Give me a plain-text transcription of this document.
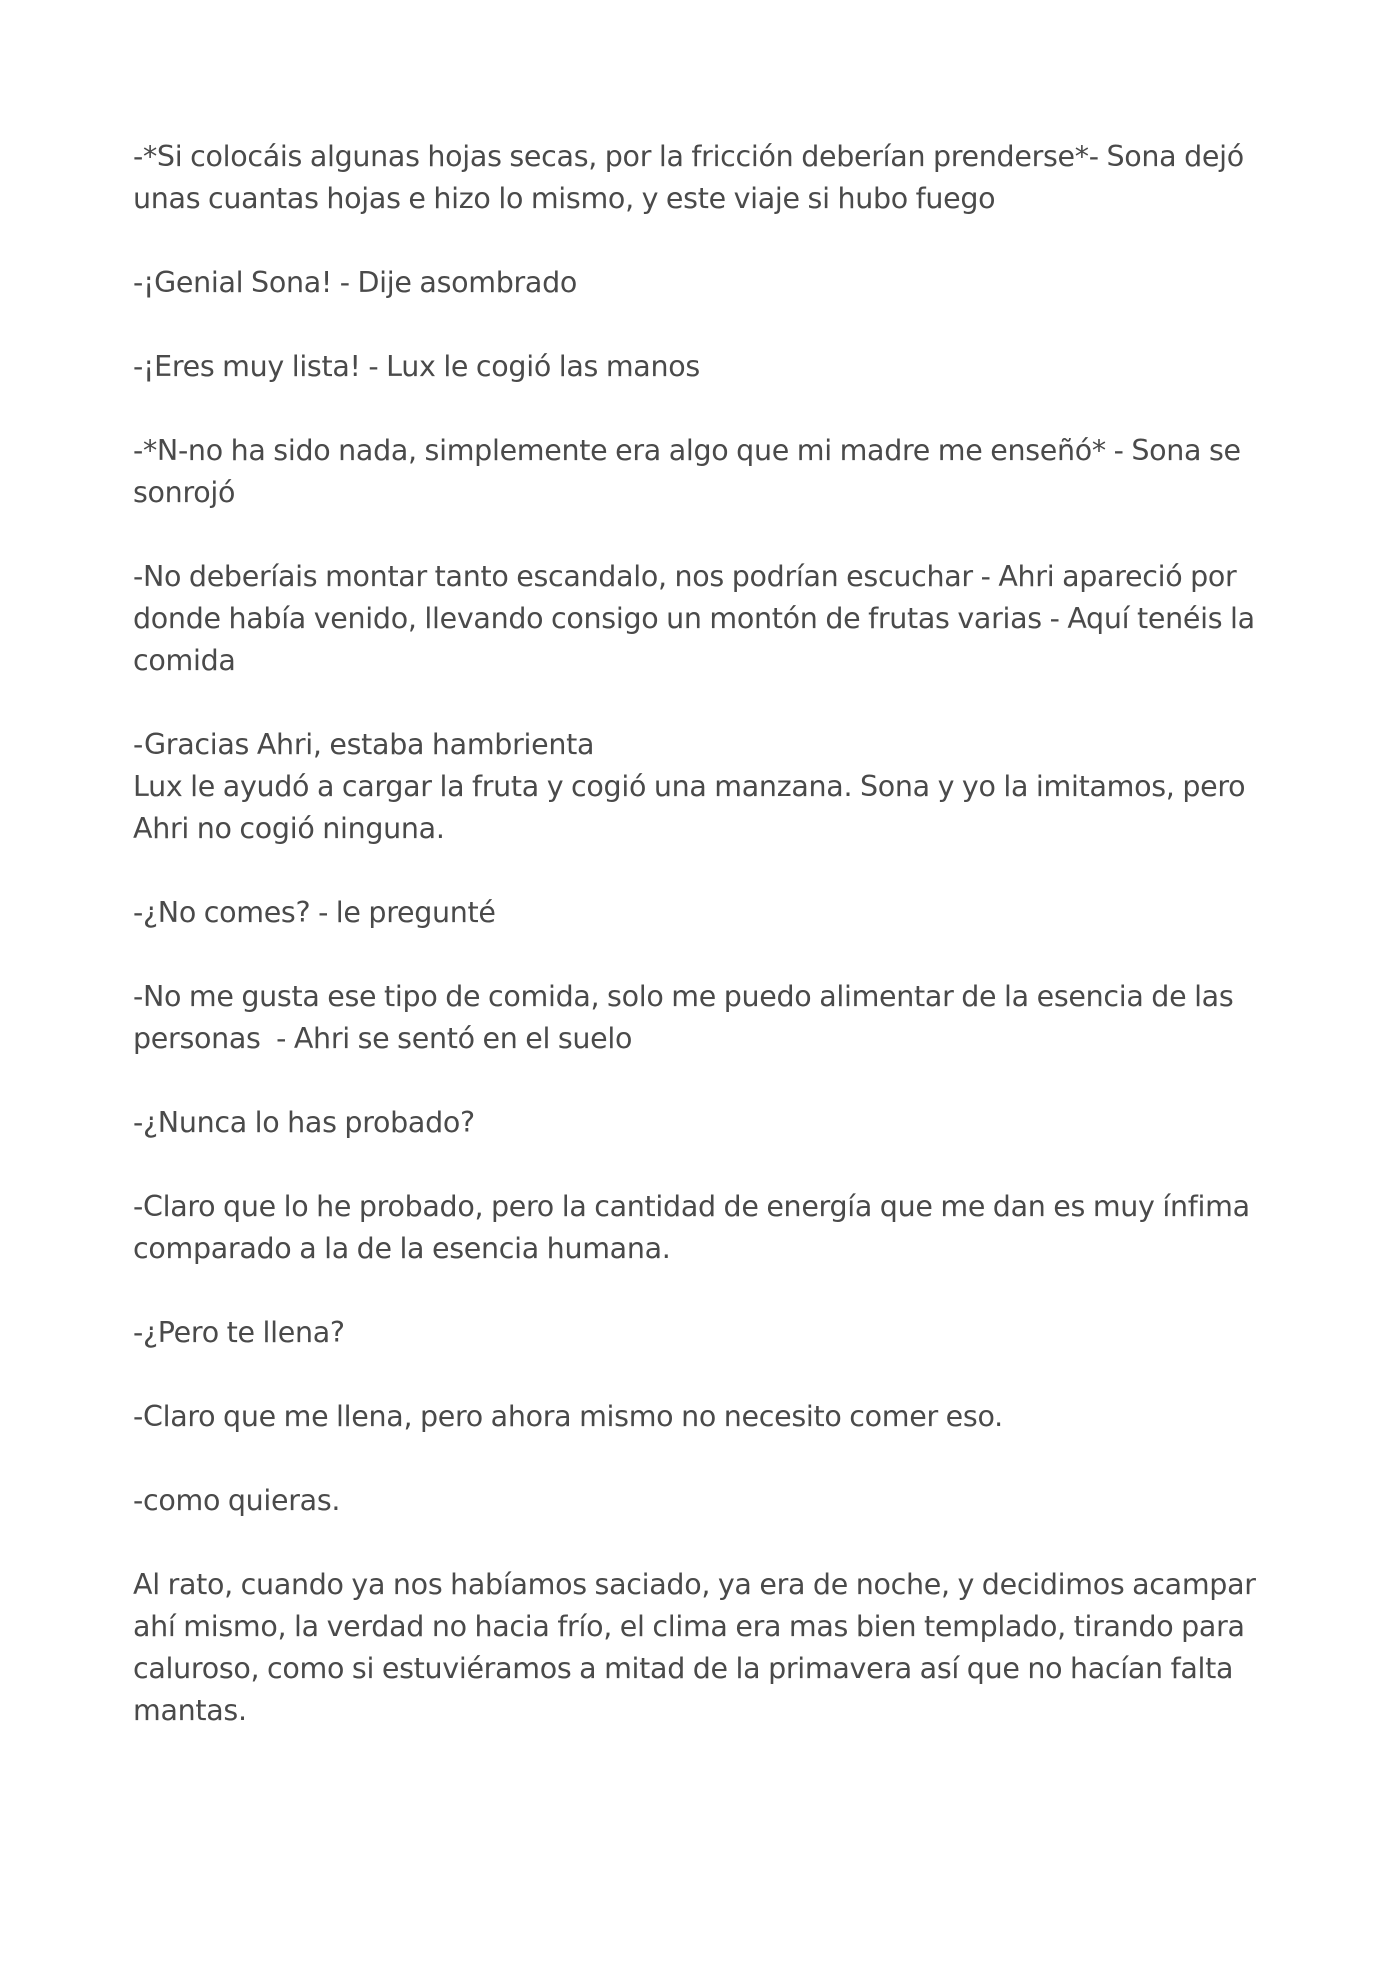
-*Si colocáis algunas hojas secas, por la fricción deberían prenderse*- Sona dejó unas cuantas hojas e hizo lo mismo, y este viaje si hubo fuego

-¡Genial Sona! - Dije asombrado

-¡Eres muy lista! - Lux le cogió las manos

-*N-no ha sido nada, simplemente era algo que mi madre me enseñó* - Sona se sonrojó

-No deberíais montar tanto escandalo, nos podrían escuchar - Ahri apareció por donde había venido, llevando consigo un montón de frutas varias - Aquí tenéis la comida

-Gracias Ahri, estaba hambrienta

Lux le ayudó a cargar la fruta y cogió una manzana. Sona y yo la imitamos, pero Ahri no cogió ninguna.

-¿No comes? - le pregunté

-No me gusta ese tipo de comida, solo me puedo alimentar de la esencia de las personas  - Ahri se sentó en el suelo

-¿Nunca lo has probado?

-Claro que lo he probado, pero la cantidad de energía que me dan es muy ínfima comparado a la de la esencia humana.

-¿Pero te llena?

-Claro que me llena, pero ahora mismo no necesito comer eso.

-como quieras.

Al rato, cuando ya nos habíamos saciado, ya era de noche, y decidimos acampar ahí mismo, la verdad no hacia frío, el clima era mas bien templado, tirando para caluroso, como si estuviéramos a mitad de la primavera así que no hacían falta mantas.
